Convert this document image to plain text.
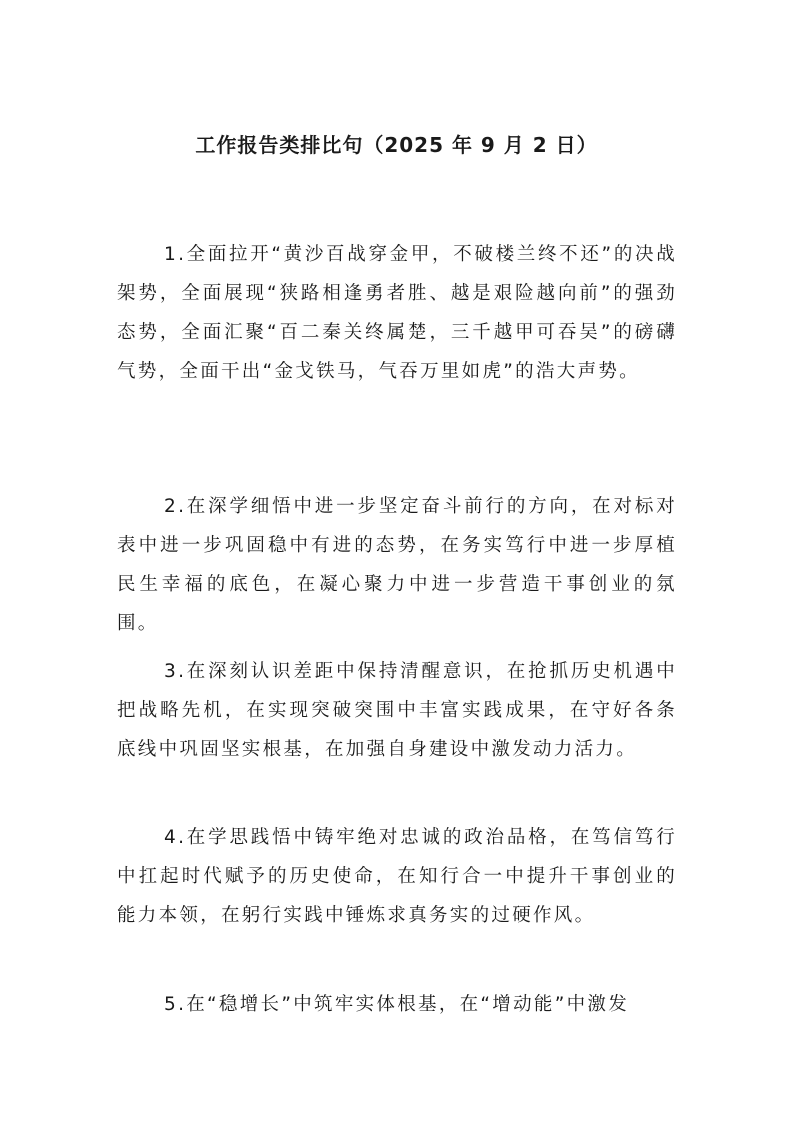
工作报告类排比句（2025 年 9 月 2 日）

1.全面拉开“黄沙百战穿金甲，不破楼兰终不还”的决战架势，全面展现“狭路相逢勇者胜、越是艰险越向前”的强劲态势，全面汇聚“百二秦关终属楚，三千越甲可吞吴”的磅礴气势，全面干出“金戈铁马，气吞万里如虎”的浩大声势。

2.在深学细悟中进一步坚定奋斗前行的方向，在对标对表中进一步巩固稳中有进的态势，在务实笃行中进一步厚植民生幸福的底色，在凝心聚力中进一步营造干事创业的氛围。

3.在深刻认识差距中保持清醒意识，在抢抓历史机遇中把战略先机，在实现突破突围中丰富实践成果，在守好各条底线中巩固坚实根基，在加强自身建设中激发动力活力。

4.在学思践悟中铸牢绝对忠诚的政治品格，在笃信笃行中扛起时代赋予的历史使命，在知行合一中提升干事创业的能力本领，在躬行实践中锤炼求真务实的过硬作风。

5.在“稳增长”中筑牢实体根基，在“增动能”中激发
